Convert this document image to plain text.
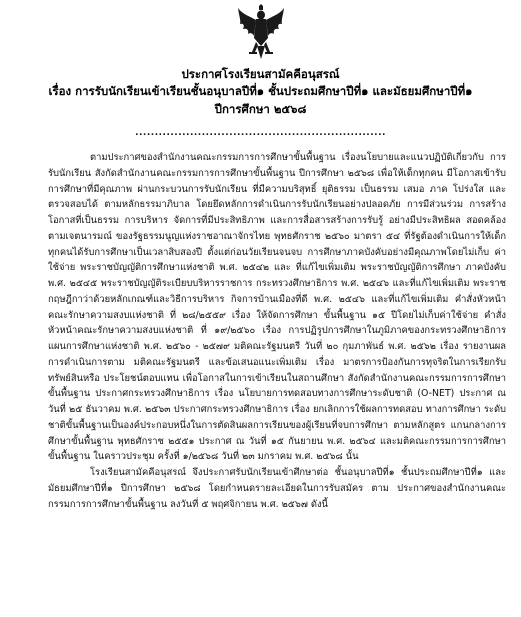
ประกาศโรงเรียนสามัคคีอนุสรณ์
เรื่อง การรับนักเรียนเข้าเรียนชั้นอนุบาลปีที่๑ ชั้นประถมศึกษาปีที่๑ และมัธยมศึกษาปีที่๑
ปีการศึกษา ๒๕๖๘
................................................................

ตามประกาศของสำนักงานคณะกรรมการการศึกษาขั้นพื้นฐาน เรื่องนโยบายและแนวปฏิบัติเกี่ยวกับ การรับนักเรียน สังกัดสำนักงานคณะกรรมการการศึกษาขั้นพื้นฐาน ปีการศึกษา ๒๕๖๘ เพื่อให้เด็กทุกคน มีโอกาสเข้ารับการศึกษาที่มีคุณภาพ ผ่านกระบวนการรับนักเรียน ที่มีความบริสุทธิ์ ยุติธรรม เป็นธรรม เสมอ ภาค โปร่งใส และตรวจสอบได้ ตามหลักธรรมาภิบาล โดยยึดหลักการดำเนินการรับนักเรียนอย่างปลอดภัย การมีส่วนร่วม การสร้างโอกาสที่เป็นธรรม การบริหาร จัดการที่มีประสิทธิภาพ และการสื่อสารสร้างการรับรู้ อย่างมีประสิทธิผล สอดคล้องตามเจตนารมณ์ ของรัฐธรรมนูญแห่งราชอาณาจักรไทย พุทธศักราช ๒๕๖๐ มาตรา ๕๔ ที่รัฐต้องดำเนินการให้เด็กทุกคนได้รับการศึกษาเป็นเวลาสิบสองปี ตั้งแต่ก่อนวัยเรียนจนจบ การศึกษาภาคบังคับอย่างมีคุณภาพโดยไม่เก็บ ค่าใช้จ่าย พระราชบัญญัติการศึกษาแห่งชาติ พ.ศ. ๒๕๔๒ และ ที่แก้ไขเพิ่มเติม พระราชบัญญัติการศึกษา ภาคบังคับ พ.ศ. ๒๕๔๕ พระราชบัญญัติระเบียบบริหารราชการ กระทรวงศึกษาธิการ พ.ศ. ๒๕๔๖ และที่แก้ไขเพิ่มเติม พระราชกฤษฎีกาว่าด้วยหลักเกณฑ์และวิธีการบริหาร กิจการบ้านเมืองที่ดี พ.ศ. ๒๕๔๖ และที่แก้ไขเพิ่มเติม คำสั่งหัวหน้าคณะรักษาความสงบแห่งชาติ ที่ ๒๘/๒๕๕๙ เรื่อง ให้จัดการศึกษา ขั้นพื้นฐาน ๑๕ ปีโดยไม่เก็บค่าใช้จ่าย คำสั่งหัวหน้าคณะรักษาความสงบแห่งชาติ ที่ ๑๙/๒๕๖๐ เรื่อง การปฏิรูปการศึกษาในภูมิภาคของกระทรวงศึกษาธิการ แผนการศึกษาแห่งชาติ พ.ศ. ๒๕๖๐ - ๒๕๗๙ มติคณะรัฐมนตรี วันที่ ๒๐ กุมภาพันธ์ พ.ศ. ๒๕๖๒ เรื่อง รายงานผลการดำเนินการตาม มติคณะรัฐมนตรี และข้อเสนอแนะเพิ่มเติม เรื่อง มาตรการป้องกันการทุจริตในการเรียกรับทรัพย์สินหรือ ประโยชน์ตอบแทน เพื่อโอกาสในการเข้าเรียนในสถานศึกษา สังกัดสำนักงานคณะกรรมการการศึกษา ขั้นพื้นฐาน ประกาศกระทรวงศึกษาธิการ เรื่อง นโยบายการทดสอบทางการศึกษาระดับชาติ (O-NET) ประกาศ ณ วันที่ ๒๕ ธันวาคม พ.ศ. ๒๕๖๓ ประกาศกระทรวงศึกษาธิการ เรื่อง ยกเลิกการใช้ผลการทดสอบ ทางการศึกษา ระดับชาติขั้นพื้นฐานเป็นองค์ประกอบหนึ่งในการตัดสินผลการเรียนของผู้เรียนที่จบการศึกษา ตามหลักสูตร แกนกลางการศึกษาขั้นพื้นฐาน พุทธศักราช ๒๕๕๑ ประกาศ ณ วันที่ ๑๕ กันยายน พ.ศ. ๒๕๖๔ และมติคณะกรรมการการศึกษาขั้นพื้นฐาน ในคราวประชุม ครั้งที่ ๑/๒๕๖๘ วันที่ ๒๓ มกราคม พ.ศ. ๒๕๖๘ นั้น

โรงเรียนสามัคคีอนุสรณ์ จึงประกาศรับนักเรียนเข้าศึกษาต่อ ชั้นอนุบาลปีที่๑ ชั้นประถมศึกษาปีที่๑ และมัธยมศึกษาปีที่๑ ปีการศึกษา ๒๕๖๘ โดยกำหนดรายละเอียดในการรับสมัคร ตาม ประกาศของสำนักงานคณะกรรมการการศึกษาขั้นพื้นฐาน ลงวันที่ ๕ พฤศจิกายน พ.ศ. ๒๕๖๗ ดังนี้
